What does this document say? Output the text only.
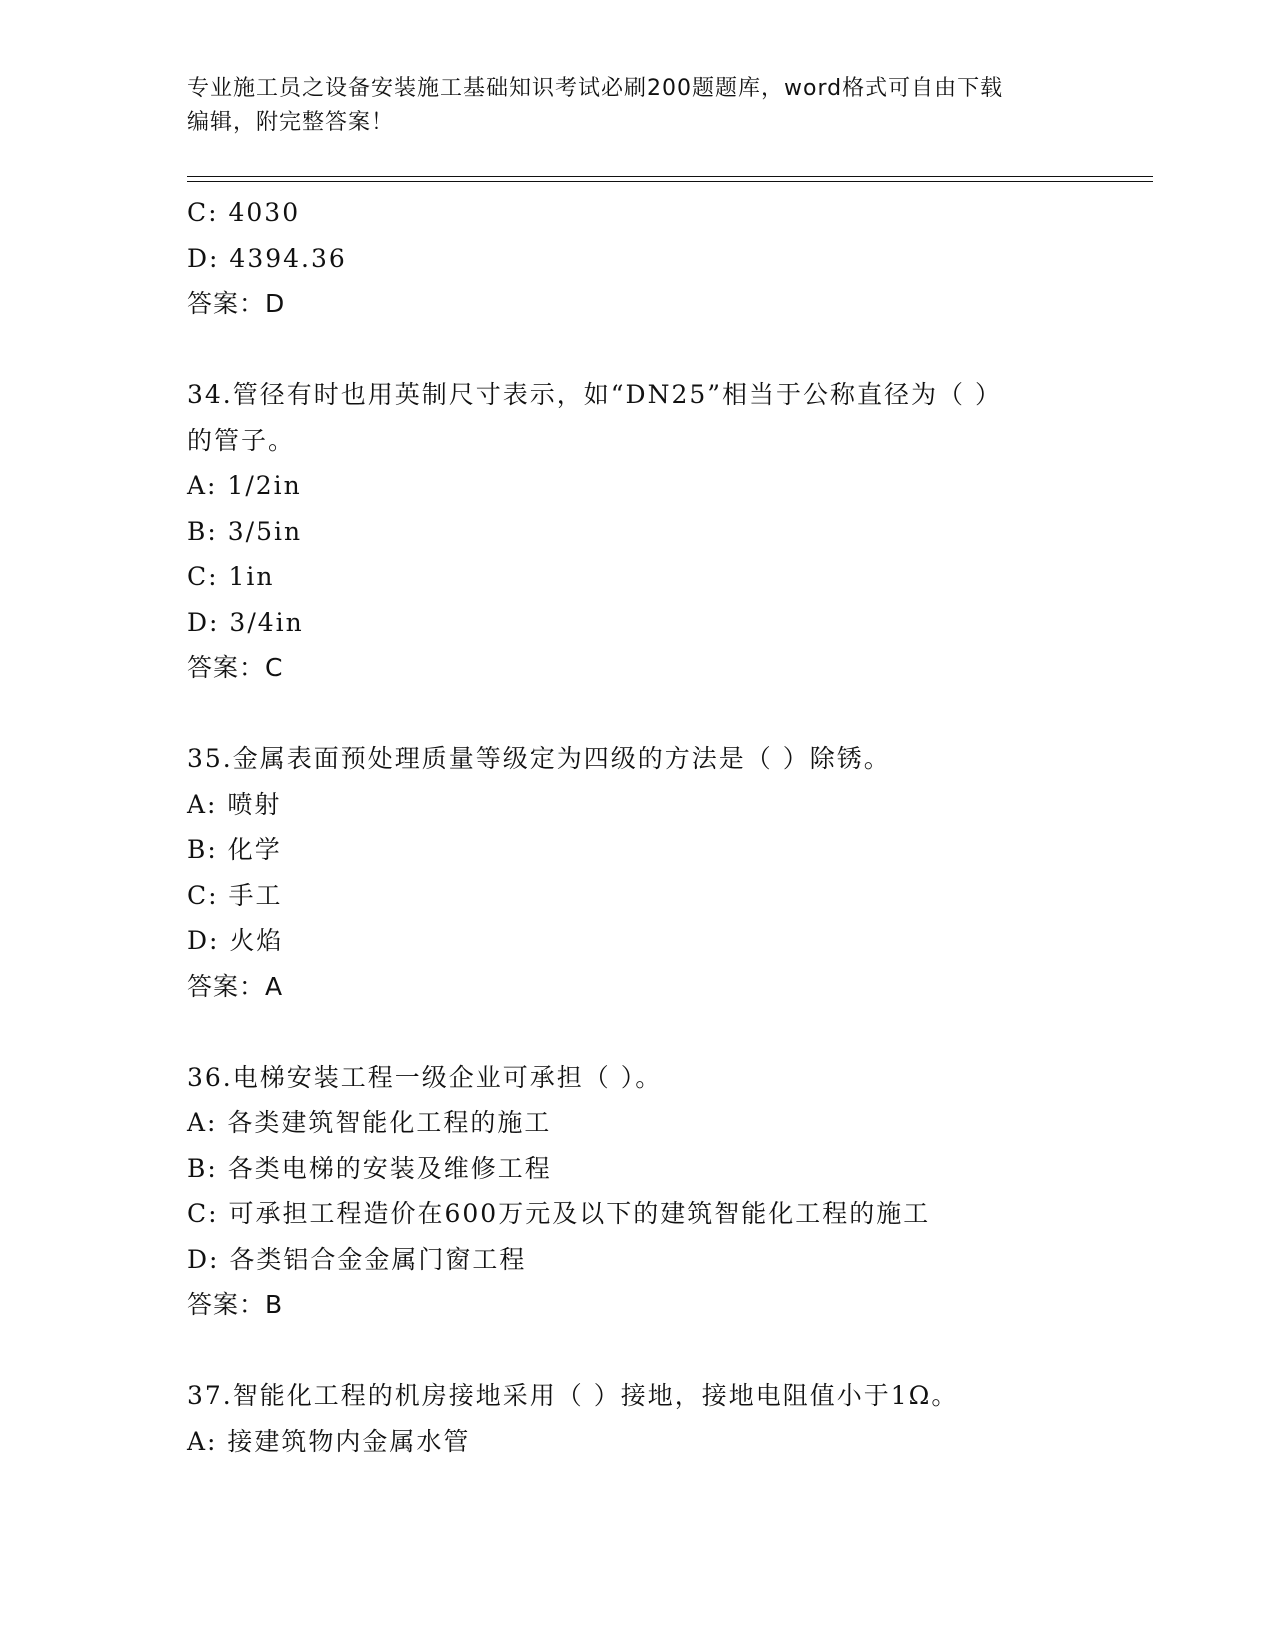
专业施工员之设备安装施工基础知识考试必刷200题题库，word格式可自由下载
编辑，附完整答案！
C: 4030
D: 4394.36
答案：D
34.管径有时也用英制尺寸表示，如“DN25”相当于公称直径为（ ）
的管子。
A: 1/2in
B: 3/5in
C: 1in
D: 3/4in
答案：C
35.金属表面预处理质量等级定为四级的方法是（ ）除锈。
A: 喷射
B: 化学
C: 手工
D: 火焰
答案：A
36.电梯安装工程一级企业可承担（ ）。
A: 各类建筑智能化工程的施工
B: 各类电梯的安装及维修工程
C: 可承担工程造价在600万元及以下的建筑智能化工程的施工
D: 各类铝合金金属门窗工程
答案：B
37.智能化工程的机房接地采用（ ）接地，接地电阻值小于1Ω。
A: 接建筑物内金属水管
